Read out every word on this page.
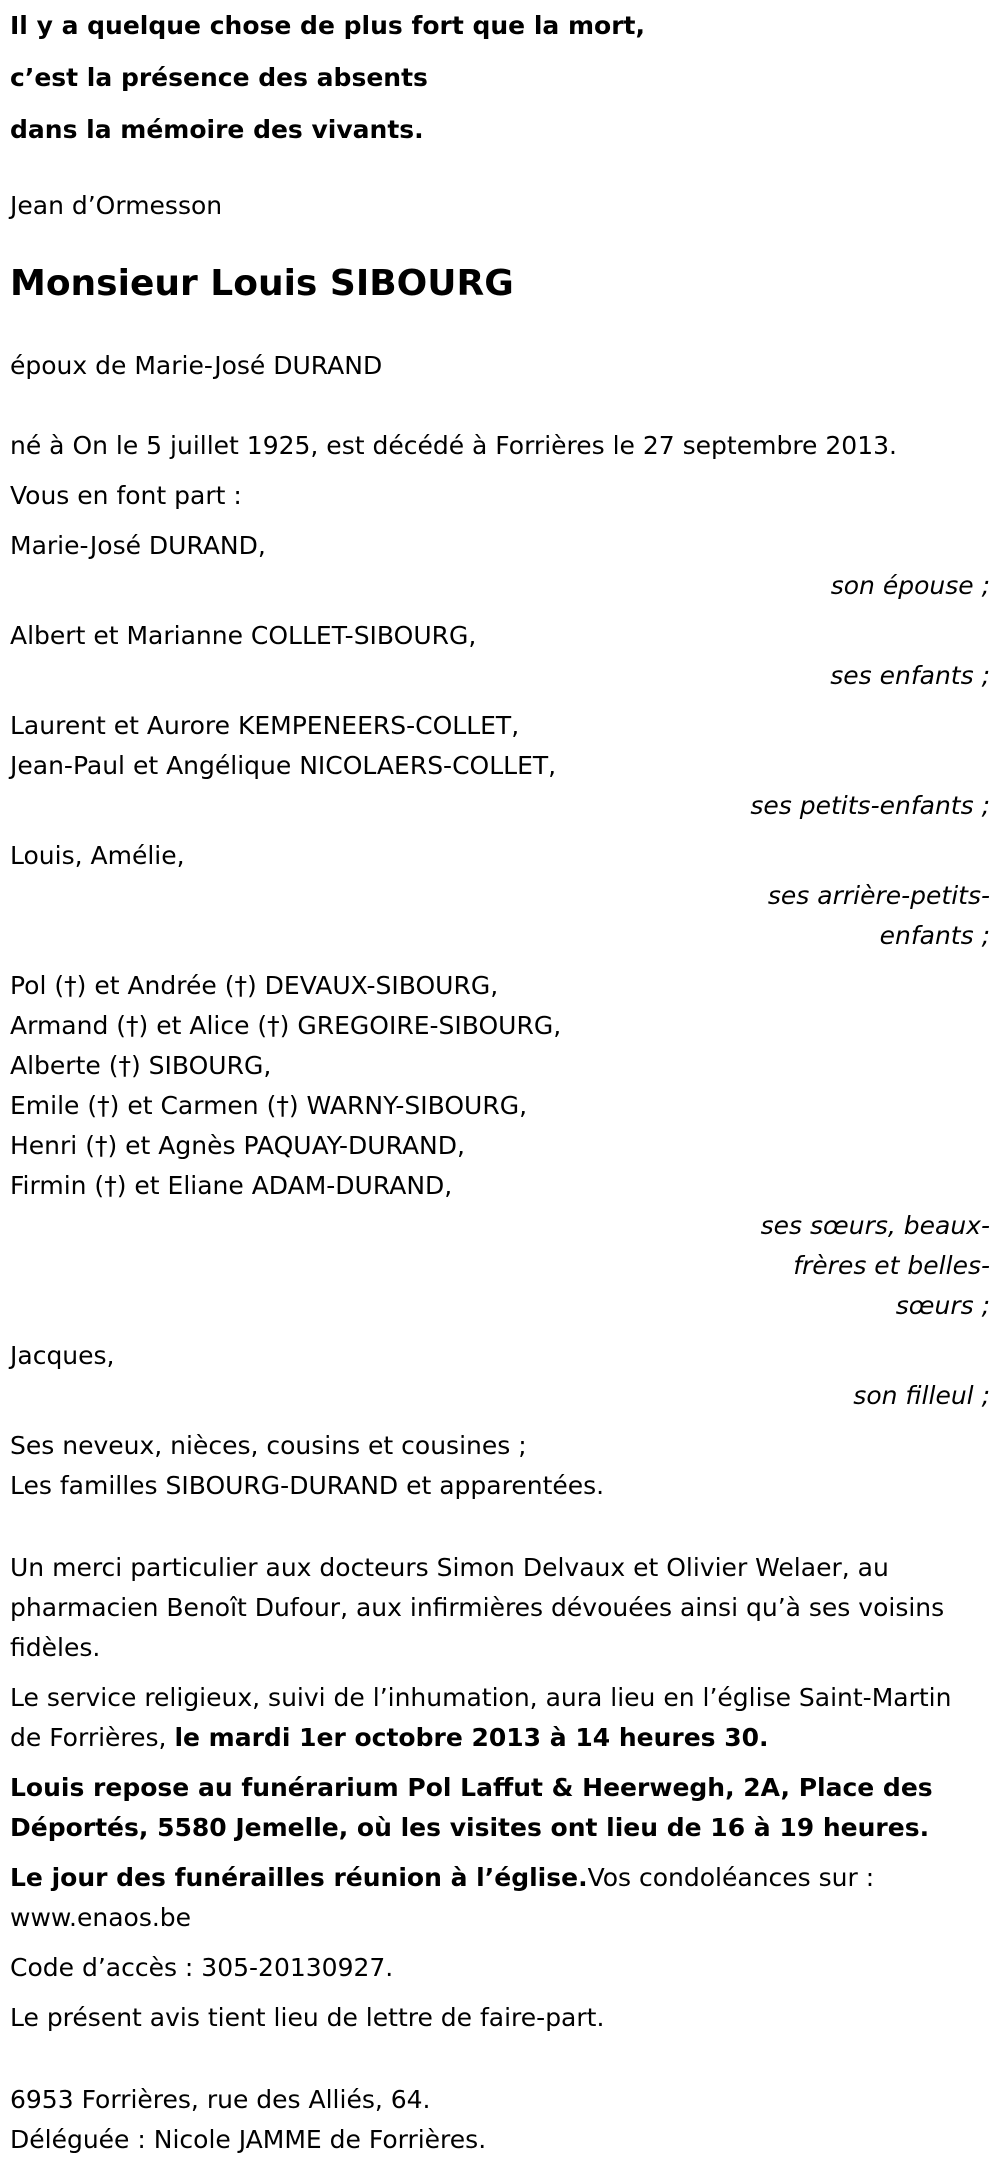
Il y a quelque chose de plus fort que la mort,
c’est la présence des absents
dans la mémoire des vivants.
Jean d’Ormesson
Monsieur Louis SIBOURG
époux de Marie-José DURAND
né à On le 5 juillet 1925, est décédé à Forrières le 27 septembre 2013.
Vous en font part :
Marie-José DURAND,
son épouse ;
Albert et Marianne COLLET-SIBOURG,
ses enfants ;
Laurent et Aurore KEMPENEERS-COLLET,
Jean-Paul et Angélique NICOLAERS-COLLET,
ses petits-enfants ;
Louis, Amélie,
ses arrière-petits-enfants ;
Pol (†) et Andrée (†) DEVAUX-SIBOURG,
Armand (†) et Alice (†) GREGOIRE-SIBOURG,
Alberte (†) SIBOURG,
Emile (†) et Carmen (†) WARNY-SIBOURG,
Henri (†) et Agnès PAQUAY-DURAND,
Firmin (†) et Eliane ADAM-DURAND,
ses sœurs, beaux-frères et belles-sœurs ;
Jacques,
son filleul ;
Ses neveux, nièces, cousins et cousines ;
Les familles SIBOURG-DURAND et apparentées.
Un merci particulier aux docteurs Simon Delvaux et Olivier Welaer, au pharmacien Benoît Dufour, aux infirmières dévouées ainsi qu’à ses voisins fidèles.
Le service religieux, suivi de l’inhumation, aura lieu en l’église Saint-Martin de Forrières, le mardi 1er octobre 2013 à 14 heures 30.
Louis repose au funérarium Pol Laffut & Heerwegh, 2A, Place des Déportés, 5580 Jemelle, où les visites ont lieu de 16 à 19 heures.
Le jour des funérailles réunion à l’église.Vos condoléances sur : www.enaos.be
Code d’accès : 305-20130927.
Le présent avis tient lieu de lettre de faire-part.
6953 Forrières, rue des Alliés, 64.
Déléguée : Nicole JAMME de Forrières.
